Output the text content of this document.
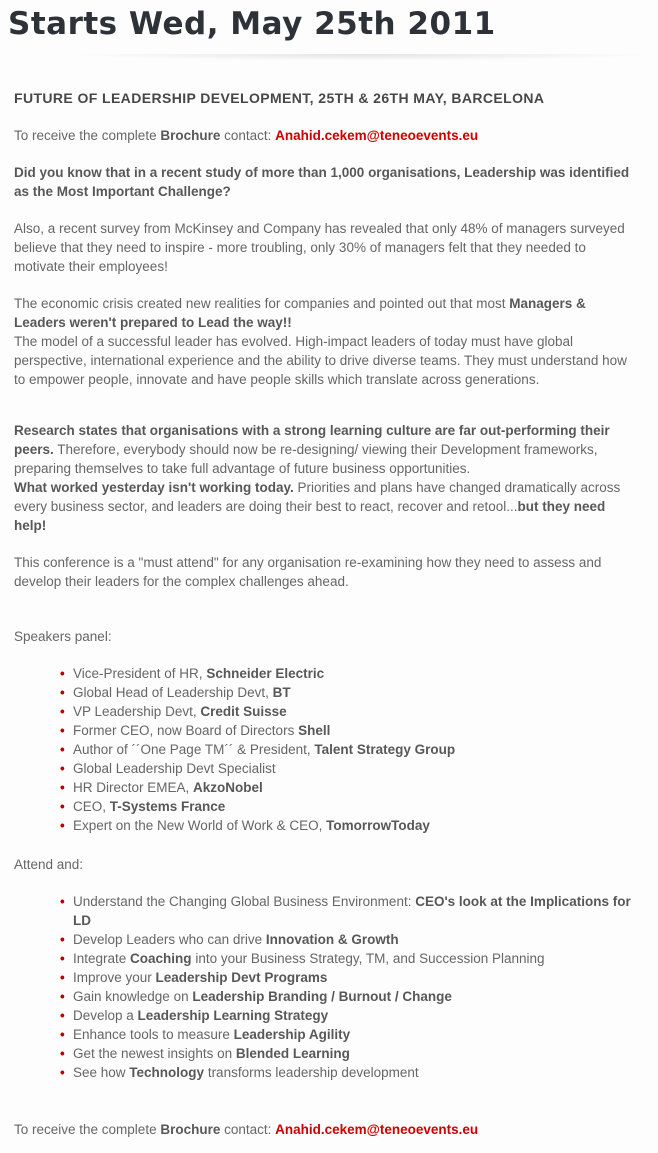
Starts Wed, May 25th 2011
FUTURE OF LEADERSHIP DEVELOPMENT, 25TH & 26TH MAY, BARCELONA

To receive the complete Brochure contact: Anahid.cekem@teneoevents.eu

Did you know that in a recent study of more than 1,000 organisations, Leadership was identified as the Most Important Challenge?

Also, a recent survey from McKinsey and Company has revealed that only 48% of managers surveyed believe that they need to inspire - more troubling, only 30% of managers felt that they needed to motivate their employees!

The economic crisis created new realities for companies and pointed out that most Managers & Leaders weren't prepared to Lead the way!!
The model of a successful leader has evolved. High-impact leaders of today must have global perspective, international experience and the ability to drive diverse teams. They must understand how to empower people, innovate and have people skills which translate across generations.

Research states that organisations with a strong learning culture are far out-performing their peers. Therefore, everybody should now be re-designing/ viewing their Development frameworks, preparing themselves to take full advantage of future business opportunities.
What worked yesterday isn't working today. Priorities and plans have changed dramatically across every business sector, and leaders are doing their best to react, recover and retool...but they need help!

This conference is a "must attend" for any organisation re-examining how they need to assess and develop their leaders for the complex challenges ahead.

Speakers panel:

• Vice-President of HR, Schneider Electric
• Global Head of Leadership Devt, BT
• VP Leadership Devt, Credit Suisse
• Former CEO, now Board of Directors Shell
• Author of ´´One Page TM´´ & President, Talent Strategy Group
• Global Leadership Devt Specialist
• HR Director EMEA, AkzoNobel
• CEO, T-Systems France
• Expert on the New World of Work & CEO, TomorrowToday

Attend and:

• Understand the Changing Global Business Environment: CEO's look at the Implications for LD
• Develop Leaders who can drive Innovation & Growth
• Integrate Coaching into your Business Strategy, TM, and Succession Planning
• Improve your Leadership Devt Programs
• Gain knowledge on Leadership Branding / Burnout / Change
• Develop a Leadership Learning Strategy
• Enhance tools to measure Leadership Agility
• Get the newest insights on Blended Learning
• See how Technology transforms leadership development

To receive the complete Brochure contact: Anahid.cekem@teneoevents.eu
